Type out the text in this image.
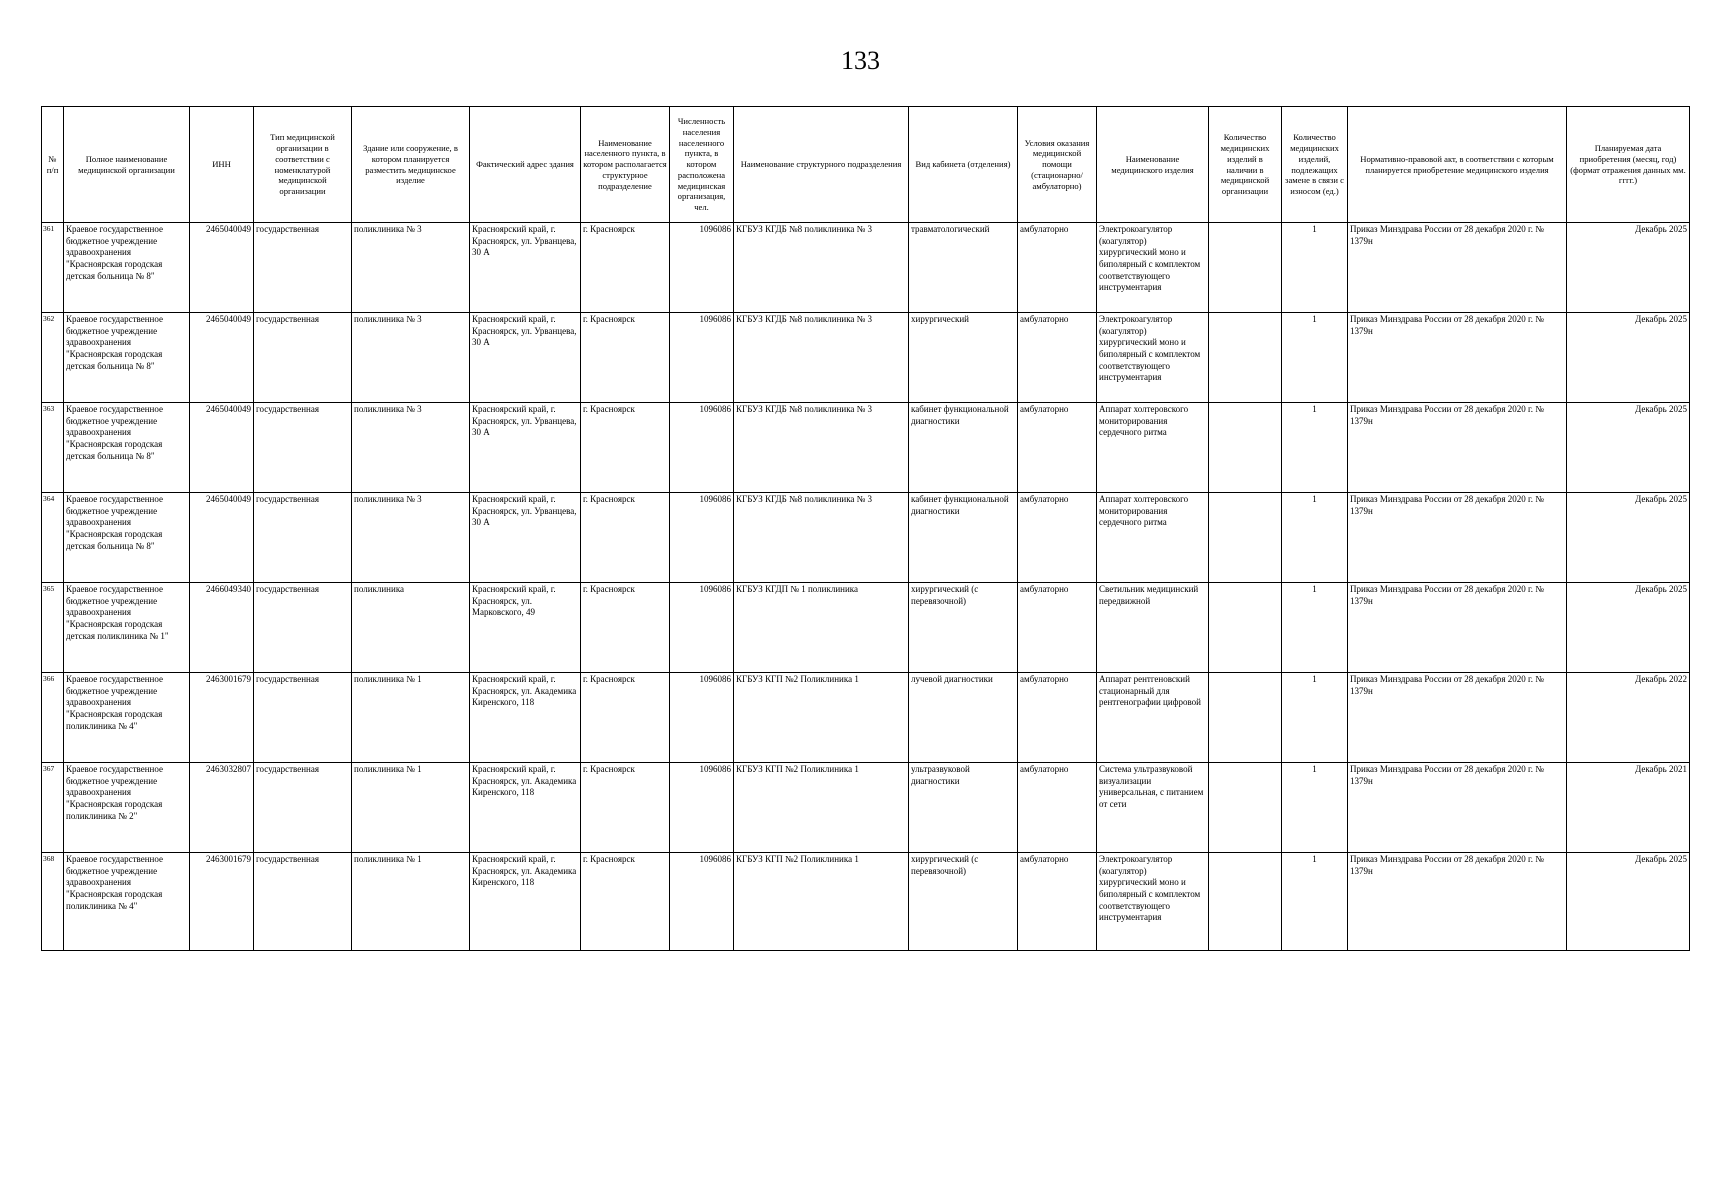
133
№ п/п	Полное наименование медицинской организации	ИНН	Тип медицинской организации в соответствии с номенклатурой медицинской организации	Здание или сооружение, в котором планируется разместить медицинское изделие	Фактический адрес здания	Наименование населенного пункта, в котором располагается структурное подразделение	Численность населения населенного пункта, в котором расположена медицинская организация, чел.	Наименование структурного подразделения	Вид кабинета (отделения)	Условия оказания медицинской помощи (стационарно/ амбулаторно)	Наименование медицинского изделия	Количество медицинских изделий в наличии в медицинской организации	Количество медицинских изделий, подлежащих замене в связи с износом (ед.)	Нормативно-правовой акт, в соответствии с которым планируется приобретение медицинского изделия	Планируемая дата приобретения (месяц, год) (формат отражения данных мм. гггг.)
361	Краевое государственное бюджетное учреждение здравоохранения "Красноярская городская детская больница № 8"	2465040049	государственная	поликлиника № 3	Красноярский край, г. Красноярск, ул. Урванцева, 30 А	г. Красноярск	1096086	КГБУЗ КГДБ №8 поликлиника № 3	травматологический	амбулаторно	Электрокоагулятор (коагулятор) хирургический моно и биполярный с комплектом соответствующего инструментария		1	Приказ Минздрава России от 28 декабря 2020 г. № 1379н	Декабрь 2025
362	Краевое государственное бюджетное учреждение здравоохранения "Красноярская городская детская больница № 8"	2465040049	государственная	поликлиника № 3	Красноярский край, г. Красноярск, ул. Урванцева, 30 А	г. Красноярск	1096086	КГБУЗ КГДБ №8 поликлиника № 3	хирургический	амбулаторно	Электрокоагулятор (коагулятор) хирургический моно и биполярный с комплектом соответствующего инструментария		1	Приказ Минздрава России от 28 декабря 2020 г. № 1379н	Декабрь 2025
363	Краевое государственное бюджетное учреждение здравоохранения "Красноярская городская детская больница № 8"	2465040049	государственная	поликлиника № 3	Красноярский край, г. Красноярск, ул. Урванцева, 30 А	г. Красноярск	1096086	КГБУЗ КГДБ №8 поликлиника № 3	кабинет функциональной диагностики	амбулаторно	Аппарат холтеровского мониторирования сердечного ритма		1	Приказ Минздрава России от 28 декабря 2020 г. № 1379н	Декабрь 2025
364	Краевое государственное бюджетное учреждение здравоохранения "Красноярская городская детская больница № 8"	2465040049	государственная	поликлиника № 3	Красноярский край, г. Красноярск, ул. Урванцева, 30 А	г. Красноярск	1096086	КГБУЗ КГДБ №8 поликлиника № 3	кабинет функциональной диагностики	амбулаторно	Аппарат холтеровского мониторирования сердечного ритма		1	Приказ Минздрава России от 28 декабря 2020 г. № 1379н	Декабрь 2025
365	Краевое государственное бюджетное учреждение здравоохранения "Красноярская городская детская поликлиника № 1"	2466049340	государственная	поликлиника	Красноярский край, г. Красноярск, ул. Марковского, 49	г. Красноярск	1096086	КГБУЗ КГДП № 1 поликлиника	хирургический (с перевязочной)	амбулаторно	Светильник медицинский передвижной		1	Приказ Минздрава России от 28 декабря 2020 г. № 1379н	Декабрь 2025
366	Краевое государственное бюджетное учреждение здравоохранения "Красноярская городская поликлиника № 4"	2463001679	государственная	поликлиника № 1	Красноярский край, г. Красноярск, ул. Академика Киренского, 118	г. Красноярск	1096086	КГБУЗ КГП №2 Поликлиника 1	лучевой диагностики	амбулаторно	Аппарат рентгеновский стационарный для рентгенографии цифровой		1	Приказ Минздрава России от 28 декабря 2020 г. № 1379н	Декабрь 2022
367	Краевое государственное бюджетное учреждение здравоохранения "Красноярская городская поликлиника № 2"	2463032807	государственная	поликлиника № 1	Красноярский край, г. Красноярск, ул. Академика Киренского, 118	г. Красноярск	1096086	КГБУЗ КГП №2 Поликлиника 1	ультразвуковой диагностики	амбулаторно	Система ультразвуковой визуализации универсальная, с питанием от сети		1	Приказ Минздрава России от 28 декабря 2020 г. № 1379н	Декабрь 2021
368	Краевое государственное бюджетное учреждение здравоохранения "Красноярская городская поликлиника № 4"	2463001679	государственная	поликлиника № 1	Красноярский край, г. Красноярск, ул. Академика Киренского, 118	г. Красноярск	1096086	КГБУЗ КГП №2 Поликлиника 1	хирургический (с перевязочной)	амбулаторно	Электрокоагулятор (коагулятор) хирургический моно и биполярный с комплектом соответствующего инструментария		1	Приказ Минздрава России от 28 декабря 2020 г. № 1379н	Декабрь 2025
